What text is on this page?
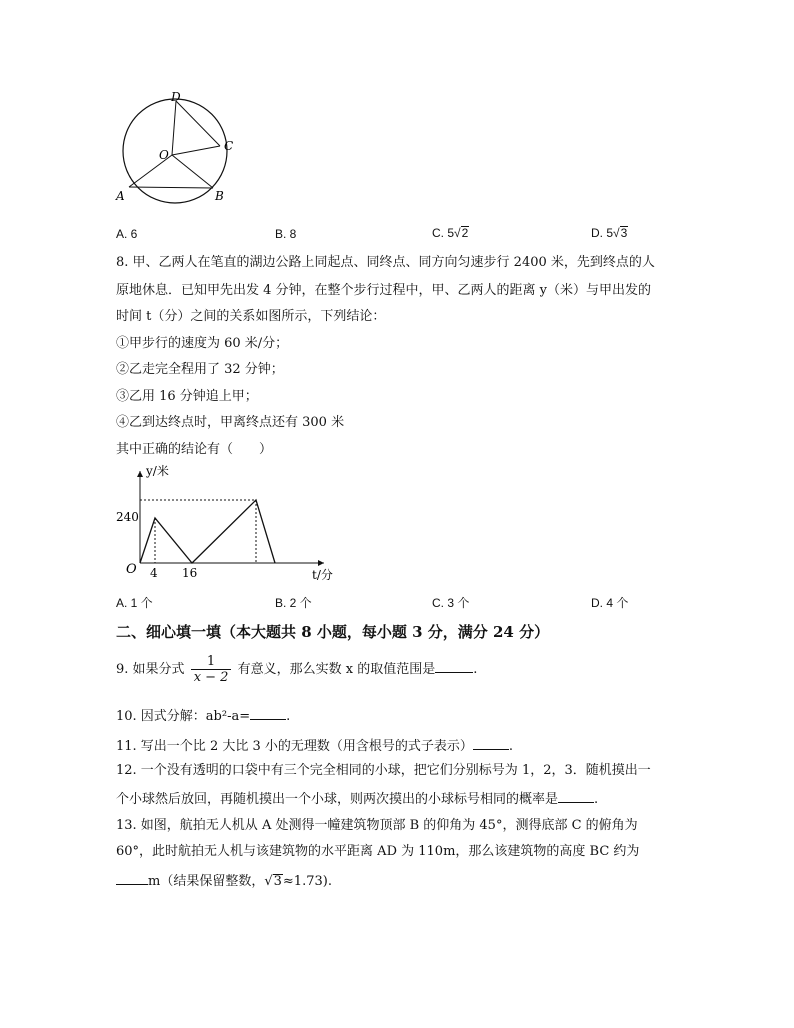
D
O
C
A	B
A. 6	B. 8	C. 5√2	D. 5√3
8. 甲、乙两人在笔直的湖边公路上同起点、同终点、同方向匀速步行 2400 米，先到终点的人
原地休息．已知甲先出发 4 分钟，在整个步行过程中，甲、乙两人的距离 y（米）与甲出发的
时间 t（分）之间的关系如图所示，下列结论：
①甲步行的速度为 60 米/分；
②乙走完全程用了 32 分钟；
③乙用 16 分钟追上甲；
④乙到达终点时，甲离终点还有 300 米
其中正确的结论有（　　）
y/米
t/分
O
240
4 16
A. 1 个	B. 2 个	C. 3 个	D. 4 个
二、细心填一填（本大题共 8 小题，每小题 3 分，满分 24 分）
9. 如果分式 $\frac{1}{x - 2}$ 有意义，那么实数 x 的取值范围是	.
10. 因式分解：ab²-a=	.
11. 写出一个比 2 大比 3 小的无理数（用含根号的式子表示）	.
12. 一个没有透明的口袋中有三个完全相同的小球，把它们分别标号为 1，2，3．随机摸出一
个小球然后放回，再随机摸出一个小球，则两次摸出的小球标号相同的概率是	.
13. 如图，航拍无人机从 A 处测得一幢建筑物顶部 B 的仰角为 45°，测得底部 C 的俯角为
60°，此时航拍无人机与该建筑物的水平距离 AD 为 110m，那么该建筑物的高度 BC 约为
m（结果保留整数，√3≈1.73).
